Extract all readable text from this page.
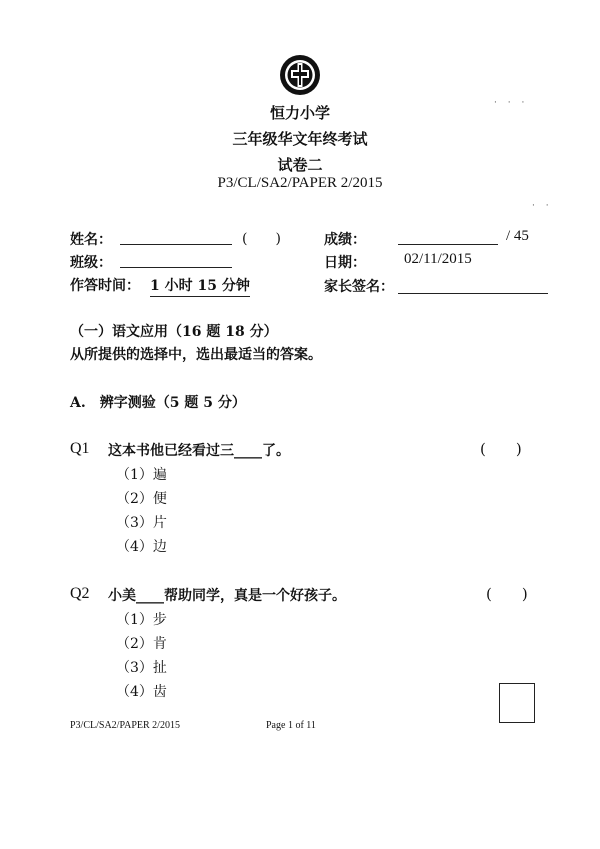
· · ·
· ·
恒力小学
三年级华文年终考试
试卷二
P3/CL/SA2/PAPER 2/2015
姓名：	(　　)	成绩：	/ 45
班级：	日期：	02/11/2015
作答时间： 1 小时 15 分钟	家长签名：
（一）语文应用（16 题 18 分）
从所提供的选择中，选出最适当的答案。
A.　辨字测验（5 题 5 分）
Q1 这本书他已经看过三____了。	(　　)
（1）遍
（2）便
（3）片
（4）边
Q2 小美____帮助同学，真是一个好孩子。	(　　)
（1）步
（2）肯
（3）扯
（4）齿
P3/CL/SA2/PAPER 2/2015	Page 1 of 11
